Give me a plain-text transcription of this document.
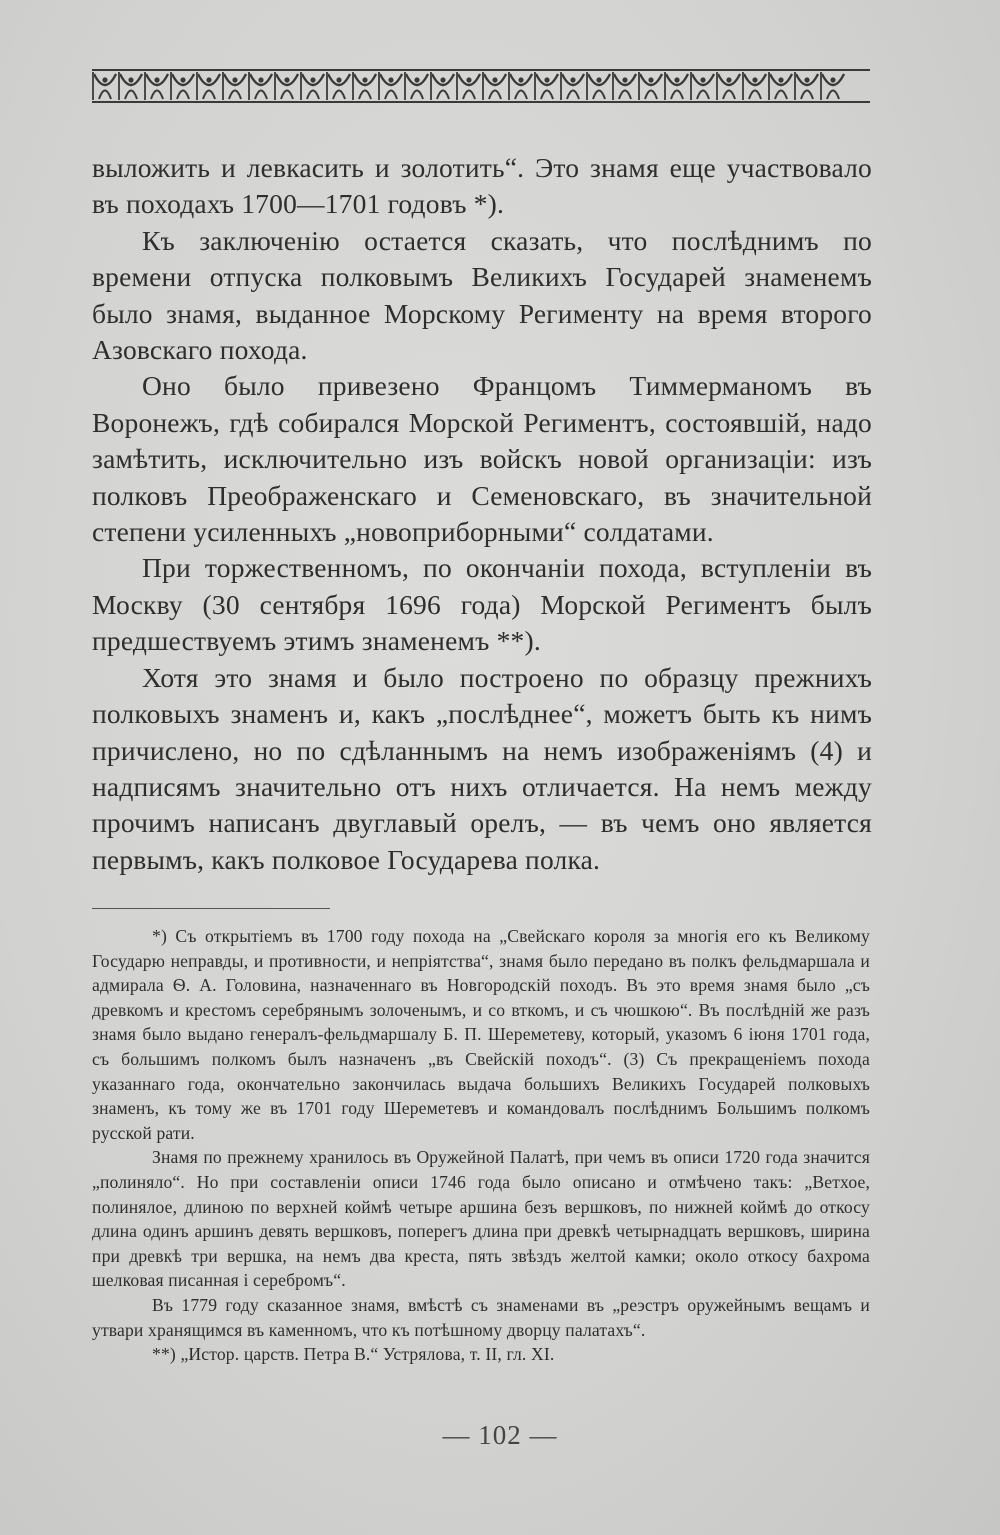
выложить и левкасить и золотить“. Это знамя еще участвовало въ походахъ 1700—1701 годовъ *).

Къ заключенію остается сказать, что послѣднимъ по времени отпуска полковымъ Великихъ Государей знаменемъ было знамя, выданное Морскому Регименту на время второго Азовскаго похода.

Оно было привезено Францомъ Тиммерманомъ въ Воронежъ, гдѣ собирался Морской Региментъ, состоявшій, надо замѣтить, исключительно изъ войскъ новой организаціи: изъ полковъ Преображенскаго и Семеновскаго, въ значительной степени усиленныхъ „новоприборными“ солдатами.

При торжественномъ, по окончаніи похода, вступленіи въ Москву (30 сентября 1696 года) Морской Региментъ былъ предшествуемъ этимъ знаменемъ **).

Хотя это знамя и было построено по образцу прежнихъ полковыхъ знаменъ и, какъ „послѣднее“, можетъ быть къ нимъ причислено, но по сдѣланнымъ на немъ изображеніямъ (4) и надписямъ значительно отъ нихъ отличается. На немъ между прочимъ написанъ двуглавый орелъ, — въ чемъ оно является первымъ, какъ полковое Государева полка.

*) Съ открытіемъ въ 1700 году похода на „Свейскаго короля за многія его къ Великому Государю неправды, и противности, и непріятства“, знамя было передано въ полкъ фельдмаршала и адмирала Ѳ. А. Головина, назначеннаго въ Новгородскій походъ. Въ это время знамя было „съ древкомъ и крестомъ серебрянымъ золоченымъ, и со вткомъ, и съ чюшкою“. Въ послѣдній же разъ знамя было выдано генералъ-фельдмаршалу Б. П. Шереметеву, который, указомъ 6 іюня 1701 года, съ большимъ полкомъ былъ назначенъ „въ Свейскій походъ“. (3) Съ прекращеніемъ похода указаннаго года, окончательно закончилась выдача большихъ Великихъ Государей полковыхъ знаменъ, къ тому же въ 1701 году Шереметевъ и командовалъ послѣднимъ Большимъ полкомъ русской рати.

Знамя по прежнему хранилось въ Оружейной Палатѣ, при чемъ въ описи 1720 года значится „полиняло“. Но при составленіи описи 1746 года было описано и отмѣчено такъ: „Ветхое, полинялое, длиною по верхней коймѣ четыре аршина безъ вершковъ, по нижней коймѣ до откосу длина одинъ аршинъ девять вершковъ, поперегъ длина при древкѣ четырнадцать вершковъ, ширина при древкѣ три вершка, на немъ два креста, пять звѣздъ желтой камки; около откосу бахрома шелковая писанная і серебромъ“.

Въ 1779 году сказанное знамя, вмѣстѣ съ знаменами въ „реэстръ оружейнымъ вещамъ и утвари хранящимся въ каменномъ, что къ потѣшному дворцу палатахъ“.

**) „Истор. царств. Петра В.“ Устрялова, т. II, гл. XI.

— 102 —
